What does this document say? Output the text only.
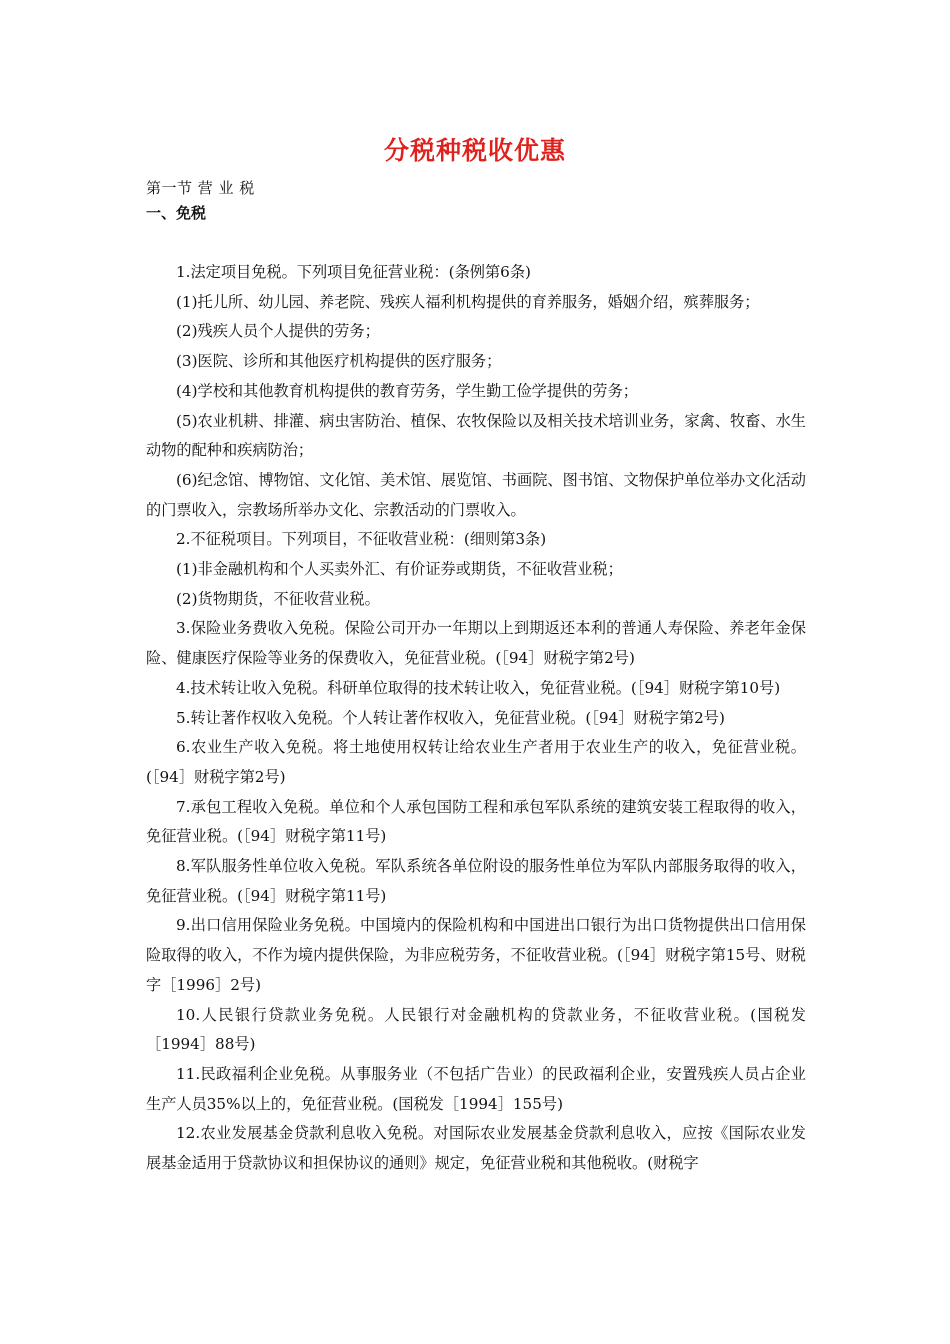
分税种税收优惠
第一节 营 业 税
一、免税

1.法定项目免税。下列项目免征营业税：(条例第6条)

(1)托儿所、幼儿园、养老院、残疾人福利机构提供的育养服务，婚姻介绍，殡葬服务；

(2)残疾人员个人提供的劳务；

(3)医院、诊所和其他医疗机构提供的医疗服务；

(4)学校和其他教育机构提供的教育劳务，学生勤工俭学提供的劳务；

(5)农业机耕、排灌、病虫害防治、植保、农牧保险以及相关技术培训业务，家禽、牧畜、水生动物的配种和疾病防治；

(6)纪念馆、博物馆、文化馆、美术馆、展览馆、书画院、图书馆、文物保护单位举办文化活动的门票收入，宗教场所举办文化、宗教活动的门票收入。

2.不征税项目。下列项目，不征收营业税：(细则第3条)

(1)非金融机构和个人买卖外汇、有价证券或期货，不征收营业税；

(2)货物期货，不征收营业税。

3.保险业务费收入免税。保险公司开办一年期以上到期返还本利的普通人寿保险、养老年金保险、健康医疗保险等业务的保费收入，免征营业税。(［94］财税字第2号)

4.技术转让收入免税。科研单位取得的技术转让收入，免征营业税。(［94］财税字第10号)

5.转让著作权收入免税。个人转让著作权收入，免征营业税。(［94］财税字第2号)

6.农业生产收入免税。将土地使用权转让给农业生产者用于农业生产的收入，免征营业税。(［94］财税字第2号)

7.承包工程收入免税。单位和个人承包国防工程和承包军队系统的建筑安装工程取得的收入，免征营业税。(［94］财税字第11号)

8.军队服务性单位收入免税。军队系统各单位附设的服务性单位为军队内部服务取得的收入，免征营业税。(［94］财税字第11号)

9.出口信用保险业务免税。中国境内的保险机构和中国进出口银行为出口货物提供出口信用保险取得的收入，不作为境内提供保险，为非应税劳务，不征收营业税。(［94］财税字第15号、财税字［1996］2号)

10.人民银行贷款业务免税。人民银行对金融机构的贷款业务，不征收营业税。(国税发［1994］88号)

11.民政福利企业免税。从事服务业（不包括广告业）的民政福利企业，安置残疾人员占企业生产人员35%以上的，免征营业税。(国税发［1994］155号)

12.农业发展基金贷款利息收入免税。对国际农业发展基金贷款利息收入，应按《国际农业发展基金适用于贷款协议和担保协议的通则》规定，免征营业税和其他税收。(财税字
